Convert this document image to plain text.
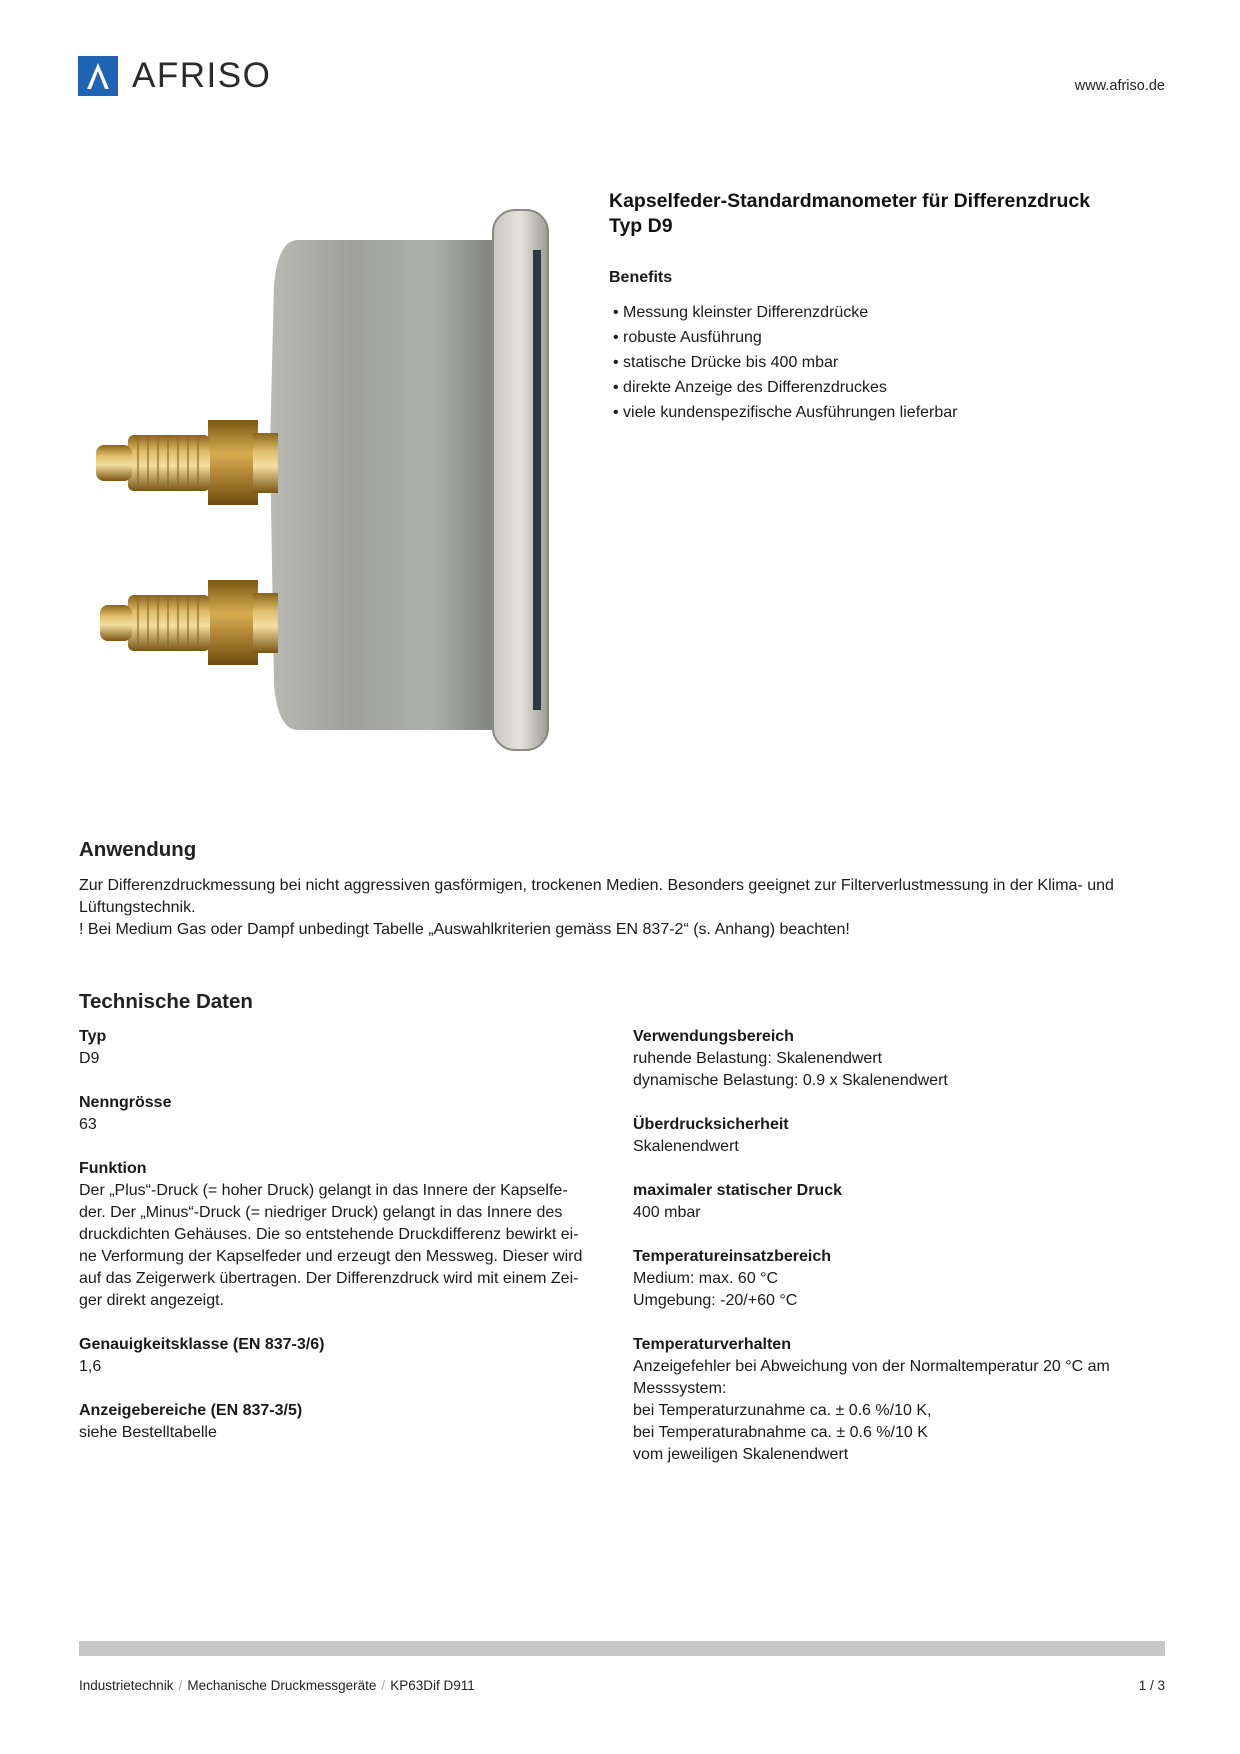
AFRISO	www.afriso.de
Kapselfeder-Standardmanometer für Differenzdruck
Typ D9
Benefits
• Messung kleinster Differenzdrücke
• robuste Ausführung
• statische Drücke bis 400 mbar
• direkte Anzeige des Differenzdruckes
• viele kundenspezifische Ausführungen lieferbar
Anwendung

Zur Differenzdruckmessung bei nicht aggressiven gasförmigen, trockenen Medien. Besonders geeignet zur Filterverlustmessung in der Klima- und Lüftungstechnik.

! Bei Medium Gas oder Dampf unbedingt Tabelle „Auswahlkriterien gemäss EN 837-2“ (s. Anhang) beachten!

Technische Daten
Typ
D9
Nenngrösse
63
Funktion
Der „Plus“-Druck (= hoher Druck) gelangt in das Innere der Kapselfe-
der. Der „Minus“-Druck (= niedriger Druck) gelangt in das Innere des
druckdichten Gehäuses. Die so entstehende Druckdifferenz bewirkt ei-
ne Verformung der Kapselfeder und erzeugt den Messweg. Dieser wird
auf das Zeigerwerk übertragen. Der Differenzdruck wird mit einem Zei-
ger direkt angezeigt.
Genauigkeitsklasse (EN 837-3/6)
1,6
Anzeigebereiche (EN 837-3/5)
siehe Bestelltabelle
Verwendungsbereich
ruhende Belastung: Skalenendwert
dynamische Belastung: 0.9 x Skalenendwert
Überdrucksicherheit
Skalenendwert
maximaler statischer Druck
400 mbar
Temperatureinsatzbereich
Medium: max. 60 °C
Umgebung: -20/+60 °C
Temperaturverhalten
Anzeigefehler bei Abweichung von der Normaltemperatur 20 °C am
Messsystem:
bei Temperaturzunahme ca. ± 0.6 %/10 K,
bei Temperaturabnahme ca. ± 0.6 %/10 K
vom jeweiligen Skalenendwert
Industrietechnik / Mechanische Druckmessgeräte / KP63Dif D911	1 / 3
